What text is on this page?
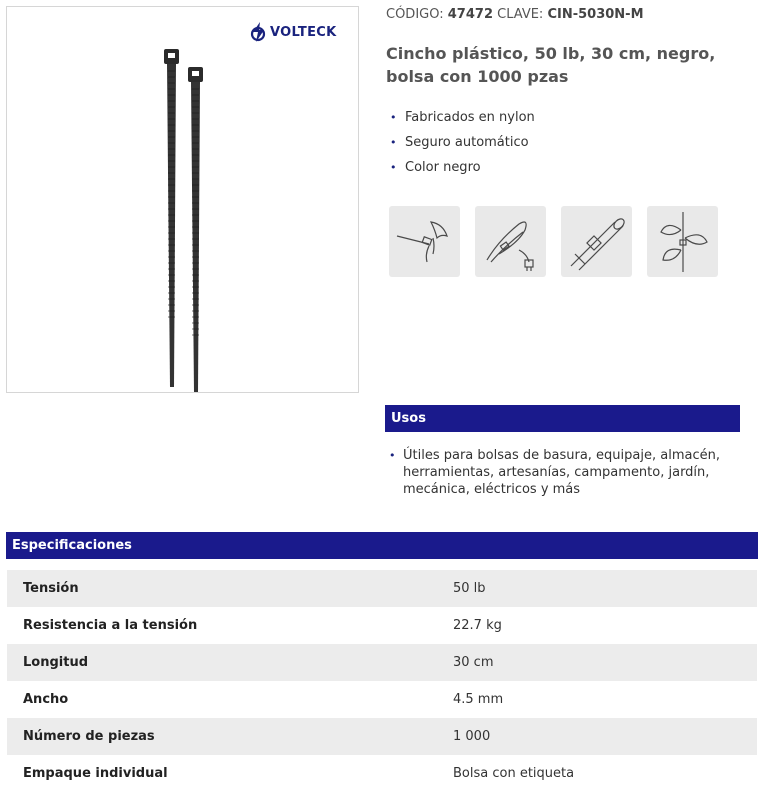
VOLTECK
CÓDIGO: 47472 CLAVE: CIN-5030N-M
Cincho plástico, 50 lb, 30 cm, negro, bolsa con 1000 pzas
• Fabricados en nylon
• Seguro automático
• Color negro
Usos
• Útiles para bolsas de basura, equipaje, almacén, herramientas, artesanías, campamento, jardín, mecánica, eléctricos y más
Especificaciones
Tensión	50 lb
Resistencia a la tensión	22.7 kg
Longitud	30 cm
Ancho	4.5 mm
Número de piezas	1 000
Empaque individual	Bolsa con etiqueta
